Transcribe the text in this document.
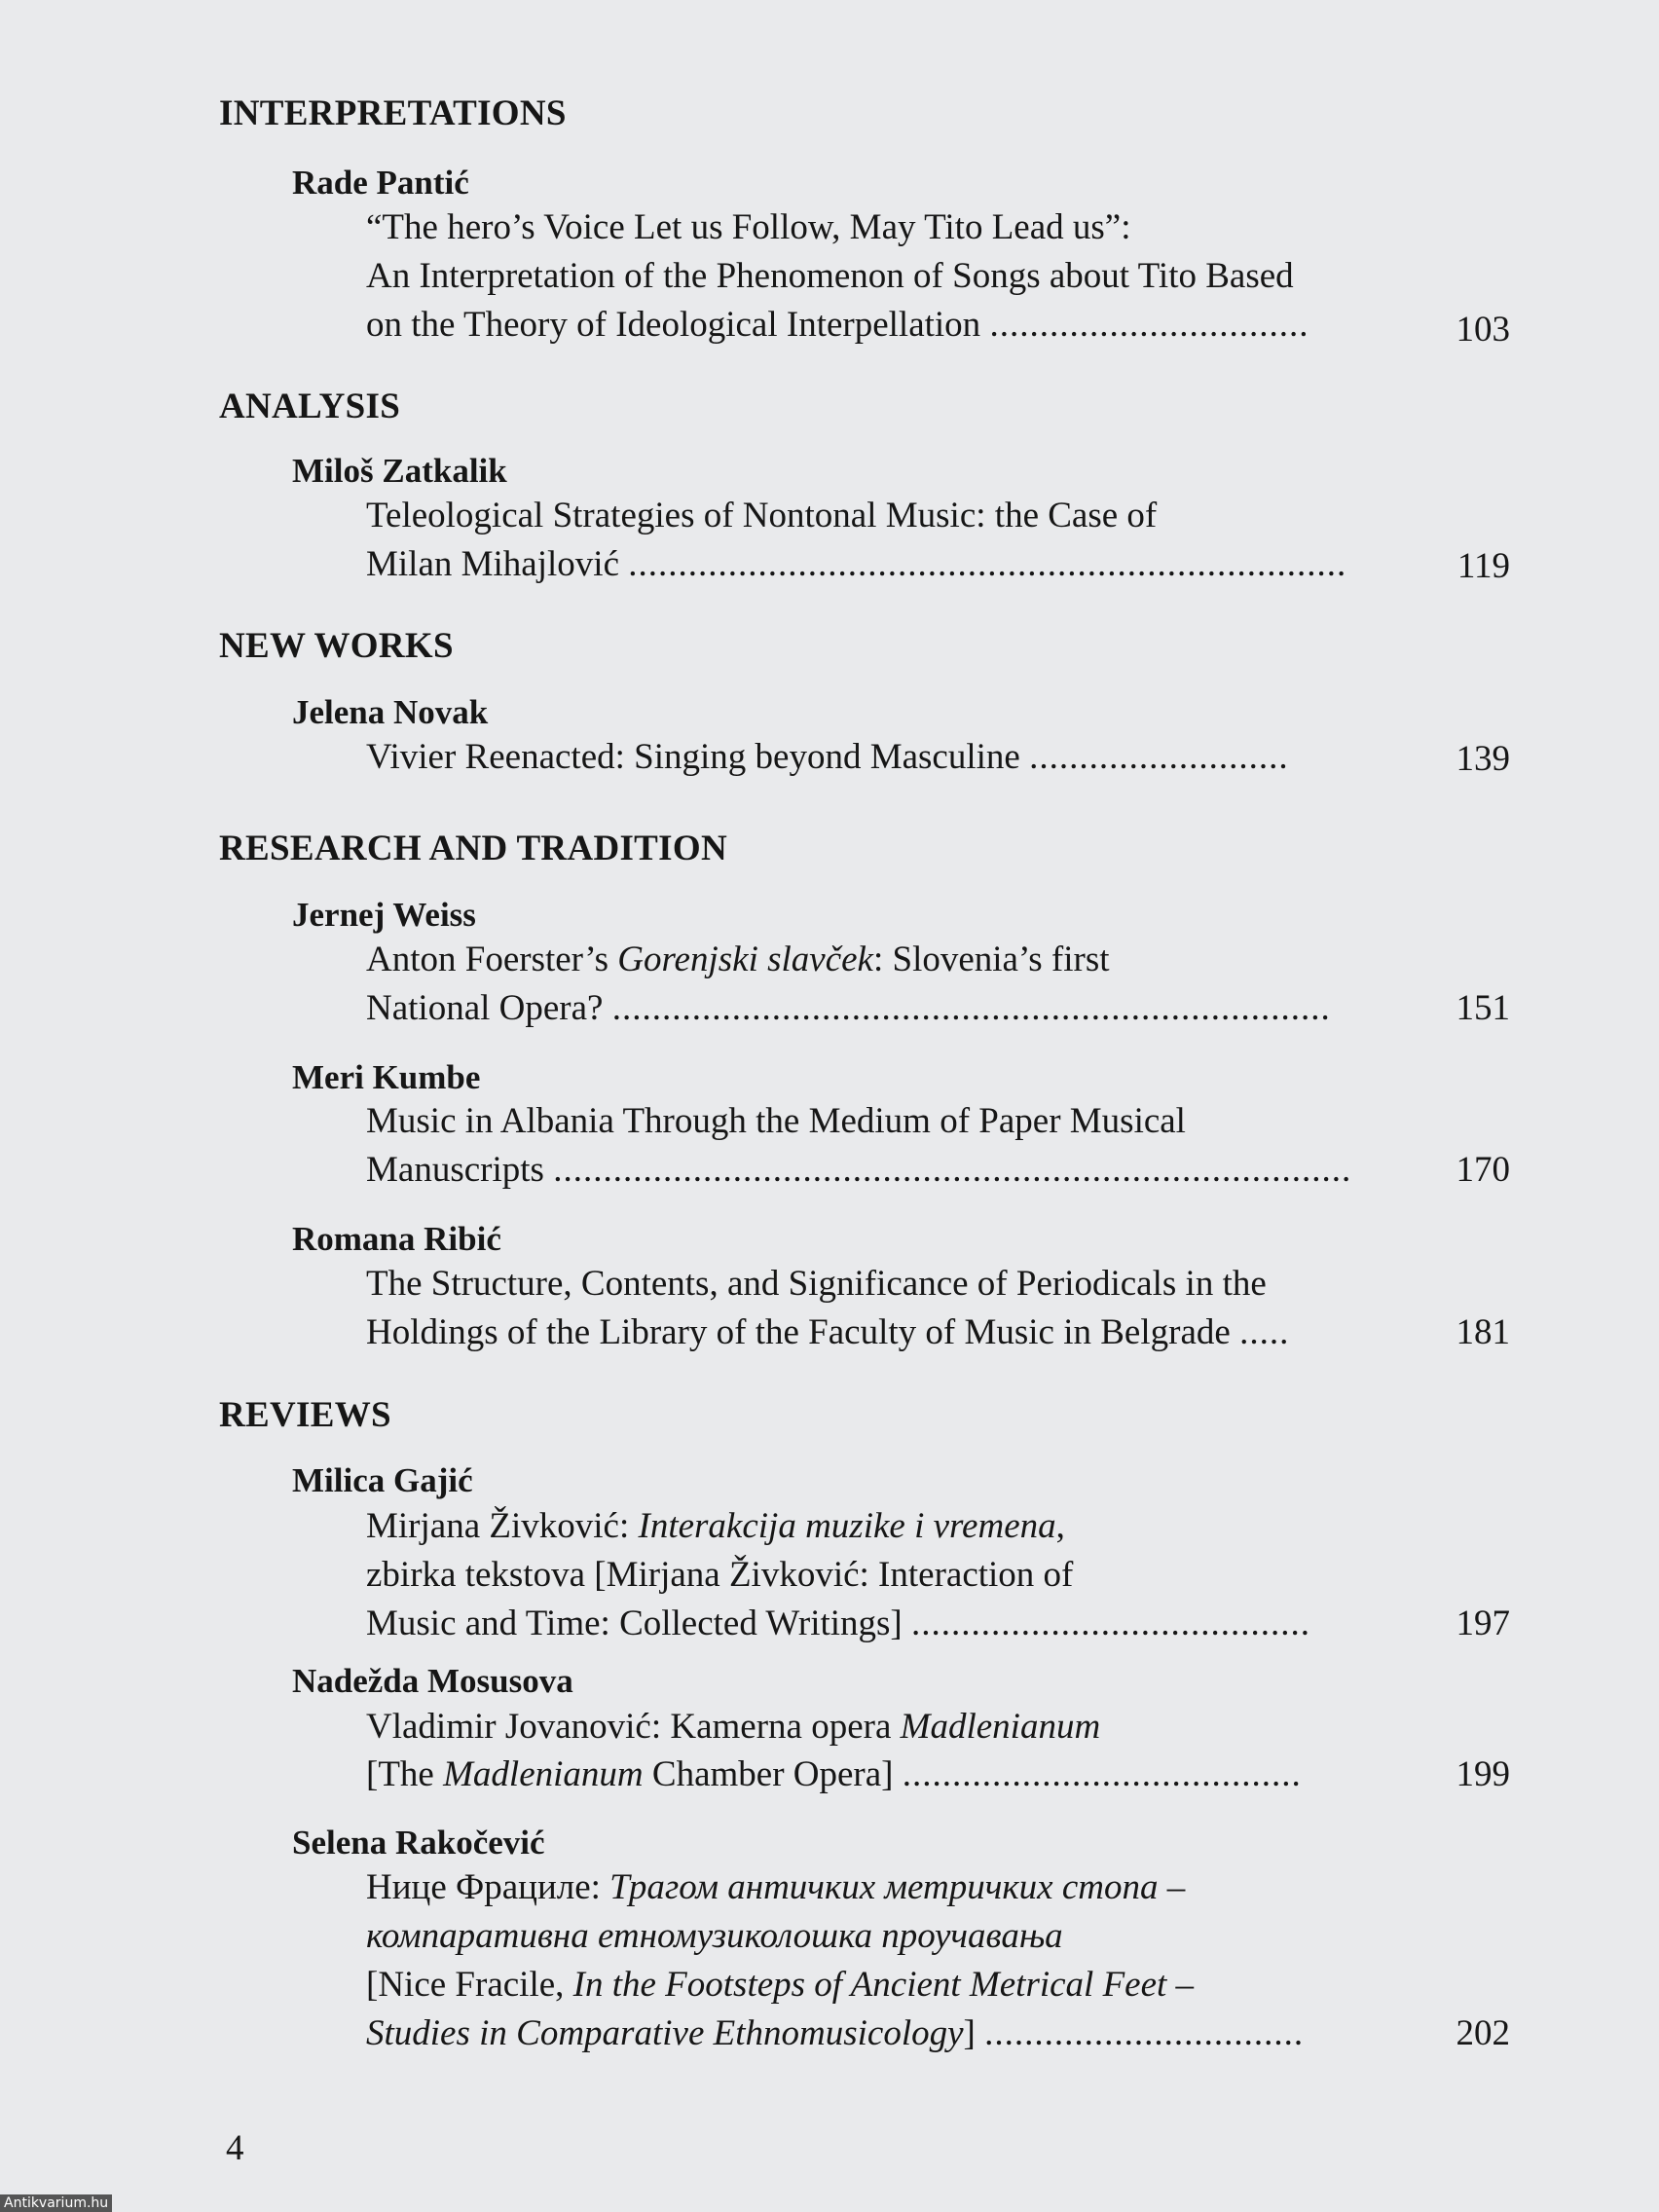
INTERPRETATIONS
Rade Pantić
“The hero’s Voice Let us Follow, May Tito Lead us”:
An Interpretation of the Phenomenon of Songs about Tito Based
on the Theory of Ideological Interpellation ................................	103
ANALYSIS
Miloš Zatkalik
Teleological Strategies of Nontonal Music: the Case of
Milan Mihajlović ........................................................................	119
NEW WORKS
Jelena Novak
Vivier Reenacted: Singing beyond Masculine ..........................	139
RESEARCH AND TRADITION
Jernej Weiss
Anton Foerster’s Gorenjski slavček: Slovenia’s first
National Opera? ........................................................................	151
Meri Kumbe
Music in Albania Through the Medium of Paper Musical
Manuscripts ................................................................................	170
Romana Ribić
The Structure, Contents, and Significance of Periodicals in the
Holdings of the Library of the Faculty of Music in Belgrade .....	181
REVIEWS
Milica Gajić
Mirjana Živković: Interakcija muzike i vremena,
zbirka tekstova [Mirjana Živković: Interaction of
Music and Time: Collected Writings] ........................................	197
Nadežda Mosusova
Vladimir Jovanović: Kamerna opera Madlenianum
[The Madlenianum Chamber Opera] ........................................	199
Selena Rakočević
Нице Фрациле: Трагом античких метричких стопа –
компаративна етномузиколошка проучавања
[Nice Fracile, In the Footsteps of Ancient Metrical Feet –
Studies in Comparative Ethnomusicology] ................................	202
4
Antikvarium.hu
